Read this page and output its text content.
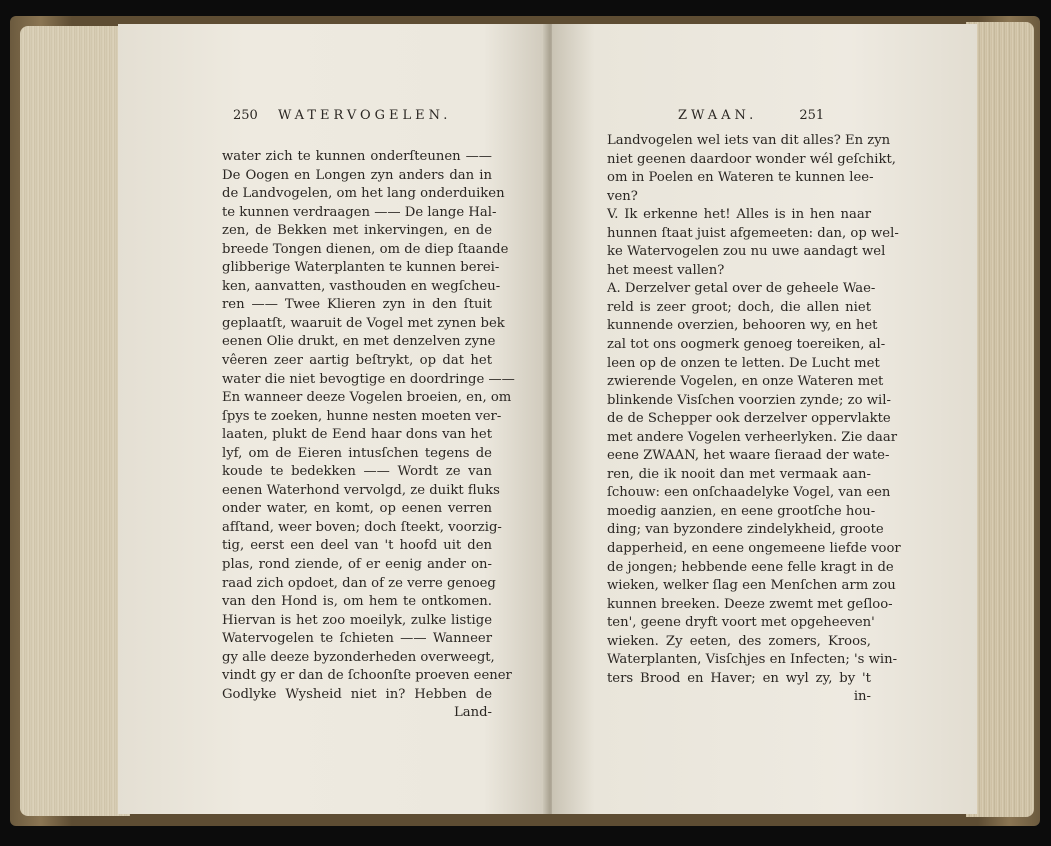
250 WATERVOGELEN.
water zich te kunnen onderſteunen ——
De Oogen en Longen zyn anders dan in
de Landvogelen, om het lang onderduiken
te kunnen verdraagen —— De lange Hal-
zen, de Bekken met inkervingen, en de
breede Tongen dienen, om de diep ſtaande
glibberige Waterplanten te kunnen berei-
ken, aanvatten, vasthouden en wegſcheu-
ren —— Twee Klieren zyn in den ſtuit
geplaatſt, waaruit de Vogel met zynen bek
eenen Olie drukt, en met denzelven zyne
vêeren zeer aartig beſtrykt, op dat het
water die niet bevogtige en doordringe ——
En wanneer deeze Vogelen broeien, en, om
ſpys te zoeken, hunne nesten moeten ver-
laaten, plukt de Eend haar dons van het
lyf, om de Eieren intusſchen tegens de
koude te bedekken —— Wordt ze van
eenen Waterhond vervolgd, ze duikt fluks
onder water, en komt, op eenen verren
afſtand, weer boven; doch ſteekt, voorzig-
tig, eerst een deel van 't hoofd uit den
plas, rond ziende, of er eenig ander on-
raad zich opdoet, dan of ze verre genoeg
van den Hond is, om hem te ontkomen.
Hiervan is het zoo moeilyk, zulke listige
Watervogelen te ſchieten —— Wanneer
gy alle deeze byzonderheden overweegt,
vindt gy er dan de ſchoonſte proeven eener
Godlyke Wysheid niet in? Hebben de
Land-
ZWAAN.	251
Landvogelen wel iets van dit alles? En zyn
niet geenen daardoor wonder wél geſchikt,
om in Poelen en Wateren te kunnen lee-
ven?
V. Ik erkenne het! Alles is in hen naar
hunnen ſtaat juist afgemeeten: dan, op wel-
ke Watervogelen zou nu uwe aandagt wel
het meest vallen?
A. Derzelver getal over de geheele Wae-
reld is zeer groot; doch, die allen niet
kunnende overzien, behooren wy, en het
zal tot ons oogmerk genoeg toereiken, al-
leen op de onzen te letten. De Lucht met
zwierende Vogelen, en onze Wateren met
blinkende Visſchen voorzien zynde; zo wil-
de de Schepper ook derzelver oppervlakte
met andere Vogelen verheerlyken. Zie daar
eene ZWAAN, het waare ſieraad der wate-
ren, die ik nooit dan met vermaak aan-
ſchouw: een onſchaadelyke Vogel, van een
moedig aanzien, en eene grootſche hou-
ding; van byzondere zindelykheid, groote
dapperheid, en eene ongemeene liefde voor
de jongen; hebbende eene felle kragt in de
wieken, welker ſlag een Menſchen arm zou
kunnen breeken. Deeze zwemt met geſloo-
ten', geene dryft voort met opgeheeven'
wieken. Zy eeten, des zomers, Kroos,
Waterplanten, Visſchjes en Infecten; 's win-
ters Brood en Haver; en wyl zy, by 't
in-
